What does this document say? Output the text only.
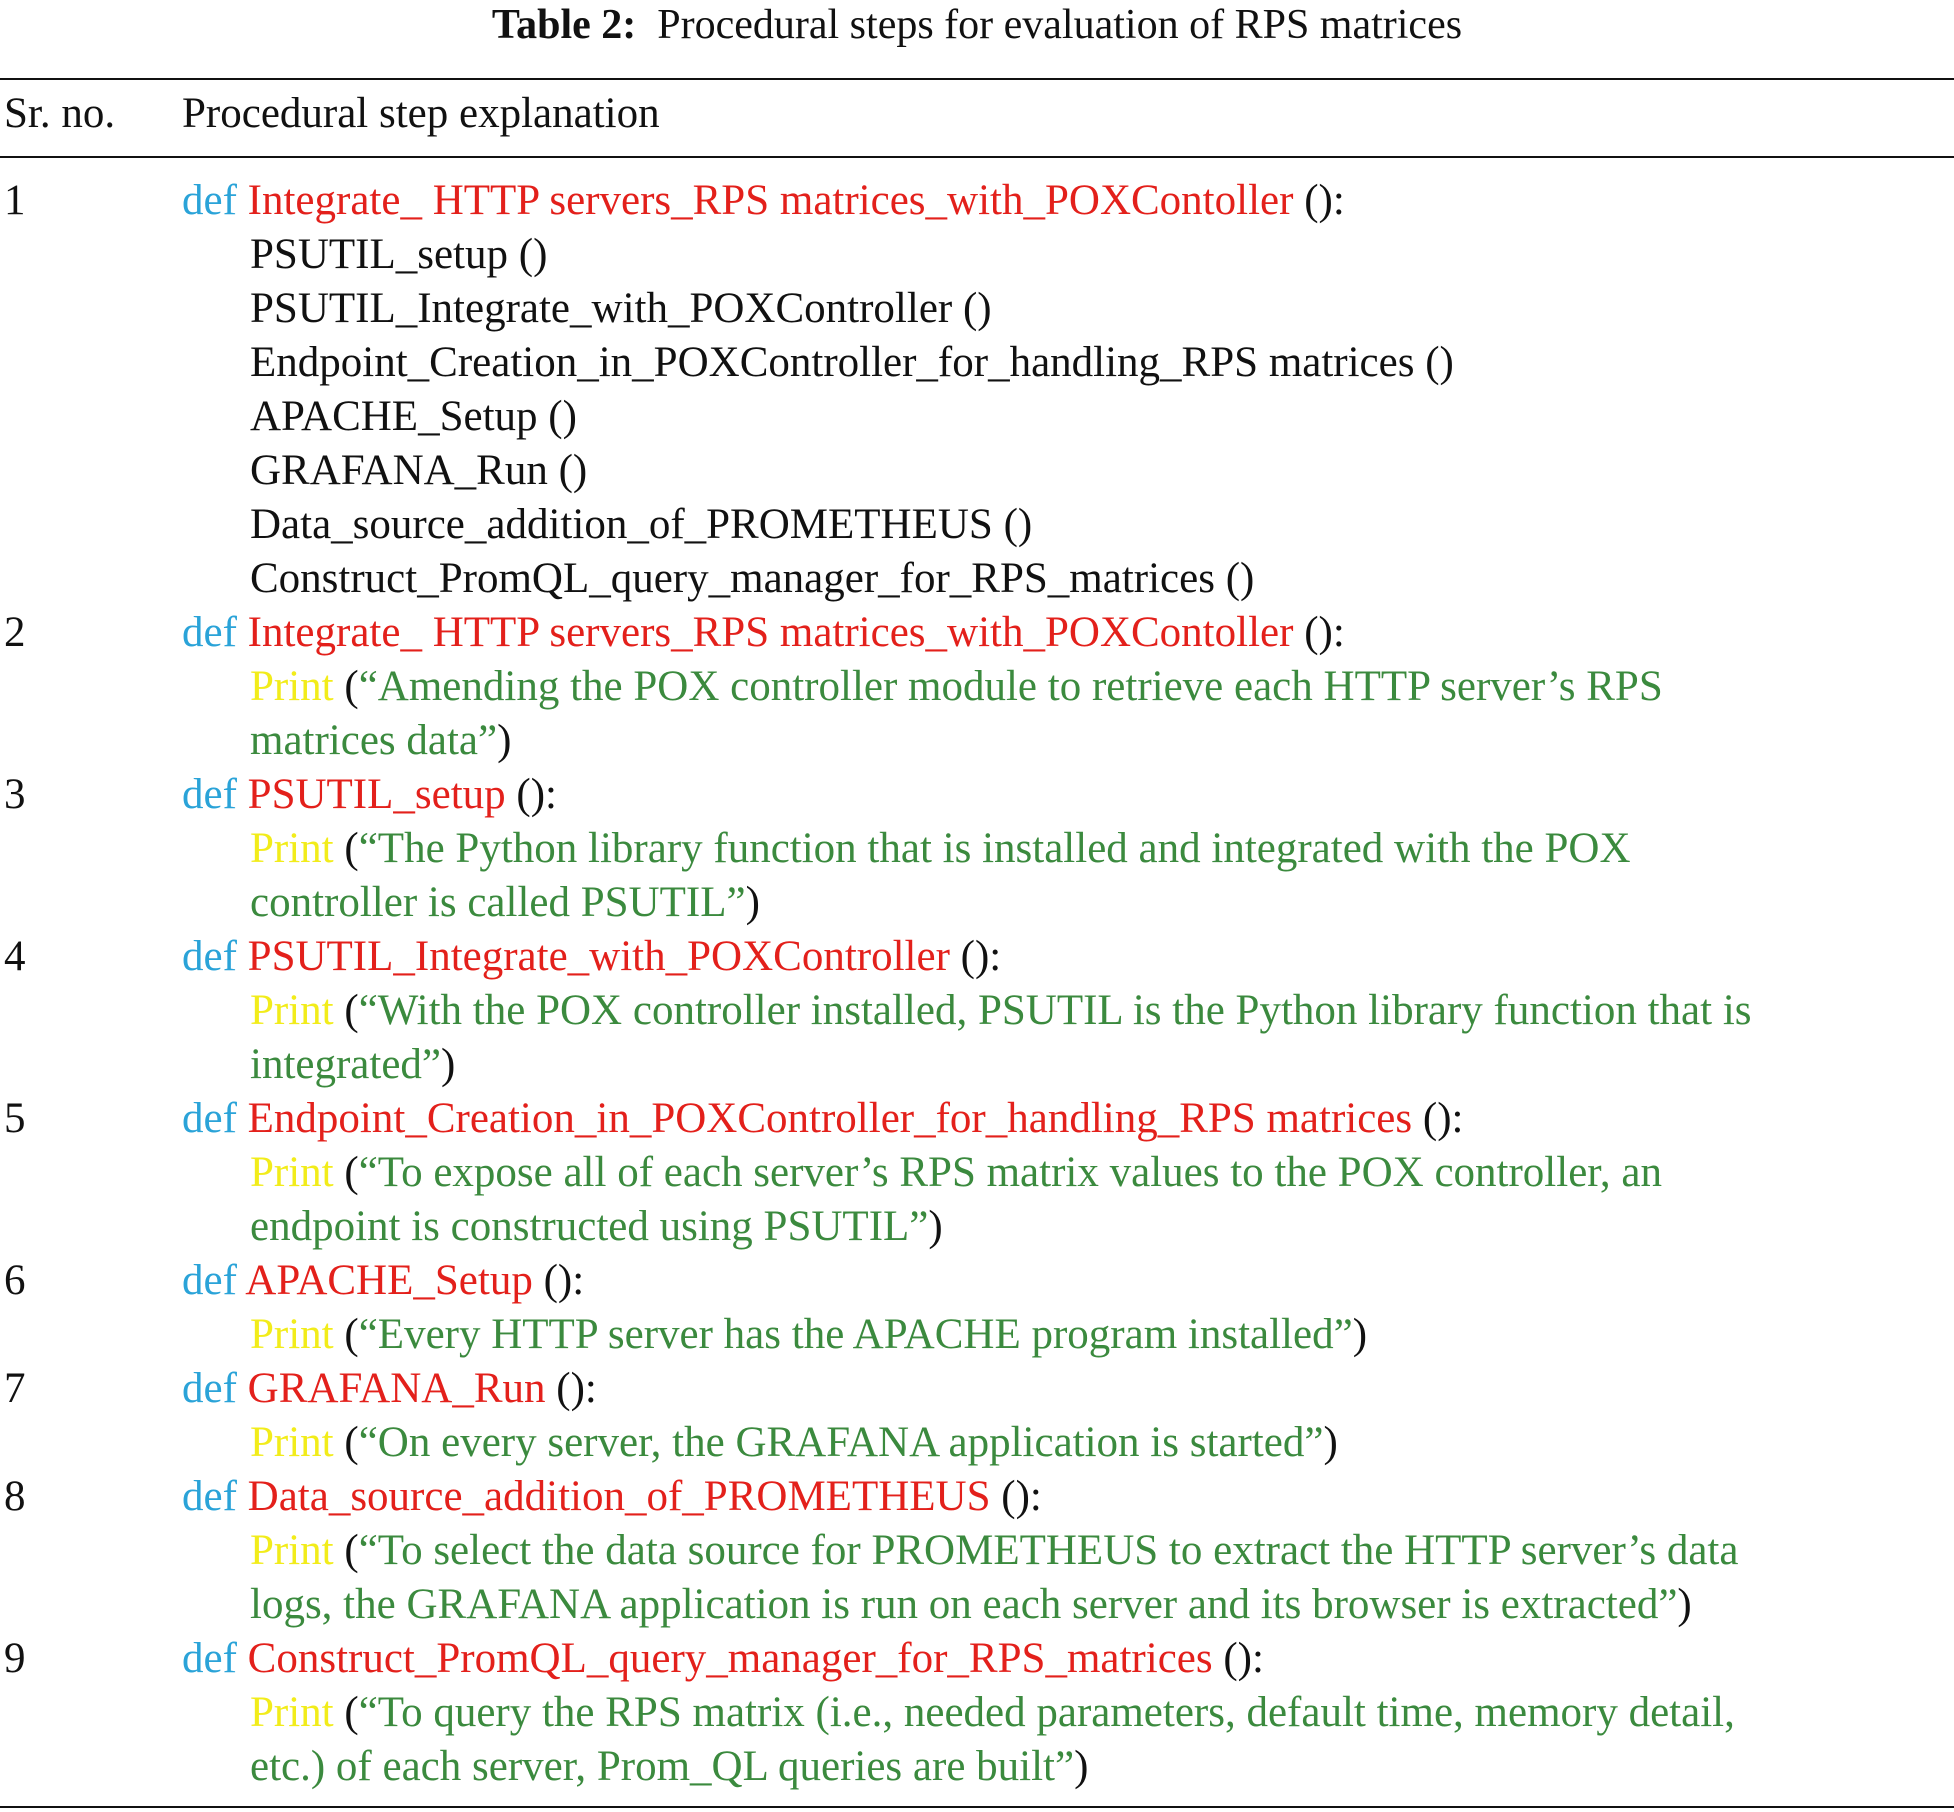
Table 2: Procedural steps for evaluation of RPS matrices
Sr. no. Procedural step explanation
1	def Integrate_ HTTP servers_RPS matrices_with_POXContoller ():
PSUTIL_setup ()
PSUTIL_Integrate_with_POXController ()
Endpoint_Creation_in_POXController_for_handling_RPS matrices ()
APACHE_Setup ()
GRAFANA_Run ()
Data_source_addition_of_PROMETHEUS ()
Construct_PromQL_query_manager_for_RPS_matrices ()
2	def Integrate_ HTTP servers_RPS matrices_with_POXContoller ():
Print (“Amending the POX controller module to retrieve each HTTP server’s RPS
matrices data”)
3	def PSUTIL_setup ():
Print (“The Python library function that is installed and integrated with the POX
controller is called PSUTIL”)
4	def PSUTIL_Integrate_with_POXController ():
Print (“With the POX controller installed, PSUTIL is the Python library function that is
integrated”)
5	def Endpoint_Creation_in_POXController_for_handling_RPS matrices ():
Print (“To expose all of each server’s RPS matrix values to the POX controller, an
endpoint is constructed using PSUTIL”)
6	def APACHE_Setup ():
Print (“Every HTTP server has the APACHE program installed”)
7	def GRAFANA_Run ():
Print (“On every server, the GRAFANA application is started”)
8	def Data_source_addition_of_PROMETHEUS ():
Print (“To select the data source for PROMETHEUS to extract the HTTP server’s data
logs, the GRAFANA application is run on each server and its browser is extracted”)
9	def Construct_PromQL_query_manager_for_RPS_matrices ():
Print (“To query the RPS matrix (i.e., needed parameters, default time, memory detail,
etc.) of each server, Prom_QL queries are built”)
